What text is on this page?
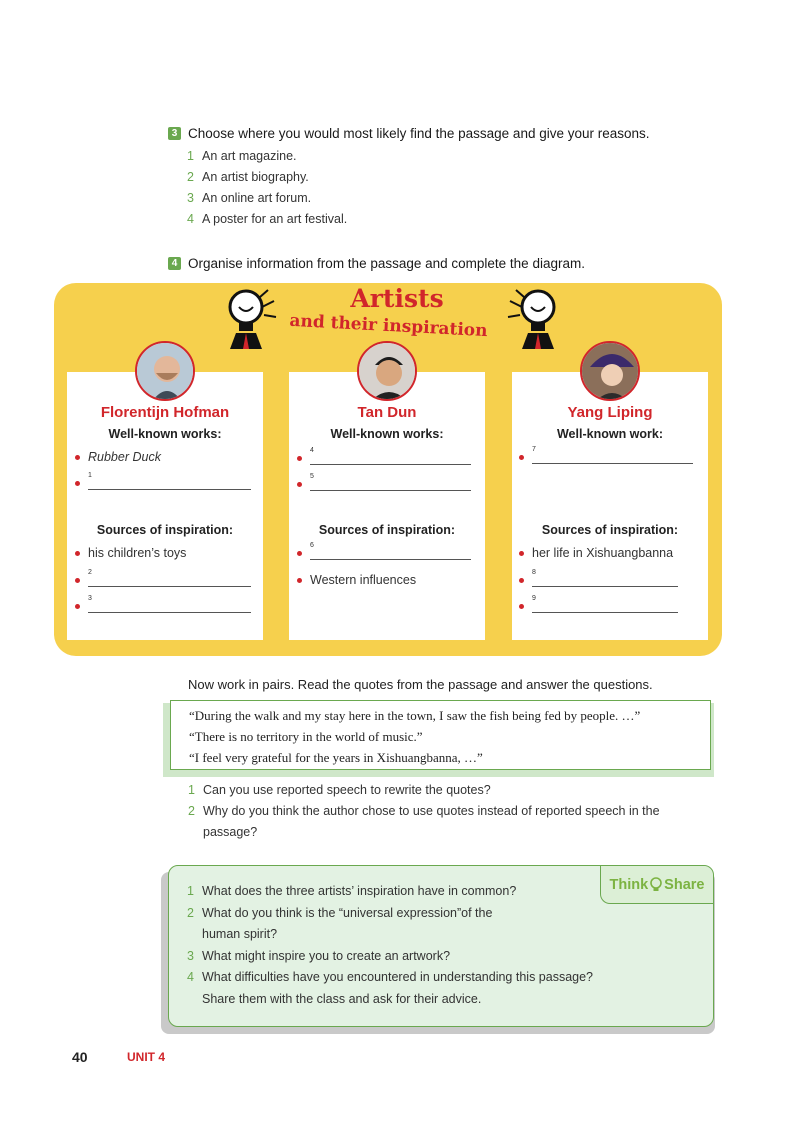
3 Choose where you would most likely find the passage and give your reasons.
1 An art magazine.
2 An artist biography.
3 An online art forum.
4 A poster for an art festival.
4 Organise information from the passage and complete the diagram.
Artists
and their inspiration
Florentijn Hofman
Well-known works:
Rubber Duck
1
Sources of inspiration:
his children’s toys
2
3
Tan Dun
Well-known works:
4
5
Sources of inspiration:
6
Western influences
Yang Liping
Well-known work:
7
Sources of inspiration:
her life in Xishuangbanna
8
9
Now work in pairs. Read the quotes from the passage and answer the questions.
“During the walk and my stay here in the town, I saw the fish being fed by people. …”
“There is no territory in the world of music.”
“I feel very grateful for the years in Xishuangbanna, …”
1 Can you use reported speech to rewrite the quotes?
2 Why do you think the author chose to use quotes instead of reported speech in the passage?
Think Share
1 What does the three artists’ inspiration have in common?
2 What do you think is the “universal expression”of the human spirit?
3 What might inspire you to create an artwork?
4 What difficulties have you encountered in understanding this passage? Share them with the class and ask for their advice.
40	UNIT 4
